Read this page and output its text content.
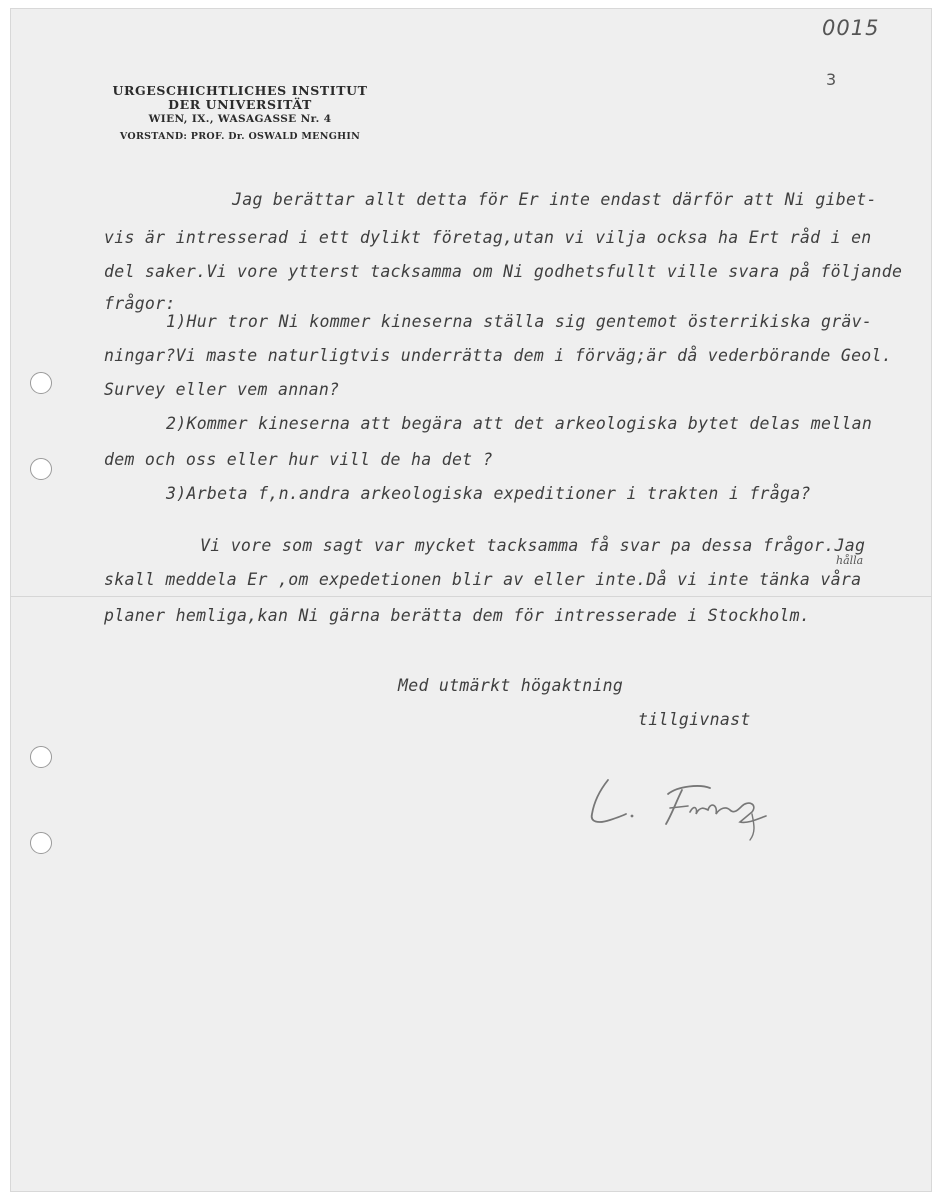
0015
3
URGESCHICHTLICHES INSTITUT
DER UNIVERSITÄT
WIEN, IX., WASAGASSE Nr. 4
VORSTAND: PROF. Dr. OSWALD MENGHIN
Jag berättar allt detta för Er inte endast därför att Ni gibet-
vis är intresserad i ett dylikt företag,utan vi vilja ocksa ha Ert råd i en
del saker.Vi vore ytterst tacksamma om Ni godhetsfullt ville svara på följande
frågor:
1)Hur tror Ni kommer kineserna ställa sig gentemot österrikiska gräv-
ningar?Vi maste naturligtvis underrätta dem i förväg;är då vederbörande Geol.
Survey eller vem annan?
2)Kommer kineserna att begära att det arkeologiska bytet delas mellan
dem och oss eller hur vill de ha det ?
3)Arbeta f,n.andra arkeologiska expeditioner i trakten i fråga?
Vi vore som sagt var mycket tacksamma få svar pa dessa frågor.Jag
skall meddela Er ,om expedetionen blir av eller inte.Då vi inte tänka våra
planer hemliga,kan Ni gärna berätta dem för intresserade i Stockholm.
hålla
Med utmärkt högaktning
tillgivnast
